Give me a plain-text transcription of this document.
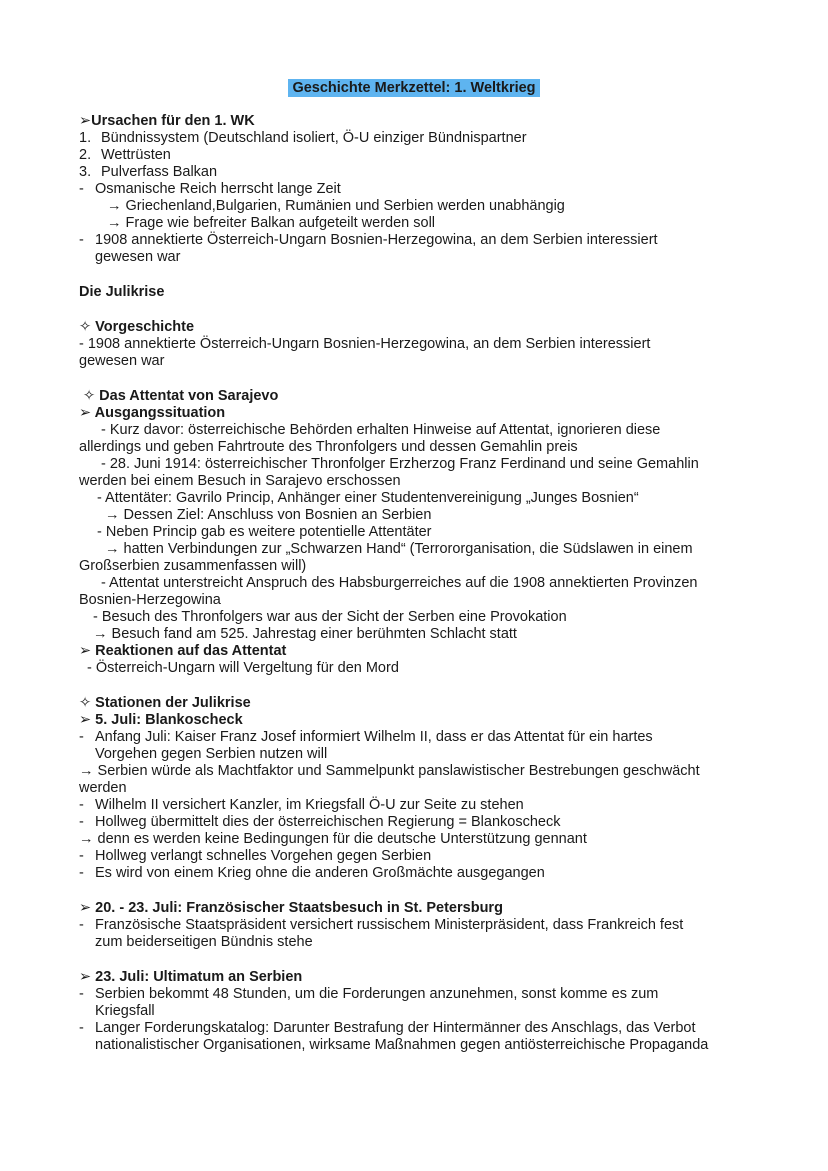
Geschichte Merkzettel: 1. Weltkrieg
➢Ursachen für den 1. WK
1. Bündnissystem (Deutschland isoliert, Ö-U einziger Bündnispartner
2. Wettrüsten
3. Pulverfass Balkan
- Osmanische Reich herrscht lange Zeit
→ Griechenland,Bulgarien, Rumänien und Serbien werden unabhängig
→ Frage wie befreiter Balkan aufgeteilt werden soll
- 1908 annektierte Österreich-Ungarn Bosnien-Herzegowina, an dem Serbien interessiert
gewesen war
Die Julikrise
✧ Vorgeschichte
- 1908 annektierte Österreich-Ungarn Bosnien-Herzegowina, an dem Serbien interessiert
gewesen war
✧ Das Attentat von Sarajevo
➢ Ausgangssituation
- Kurz davor: österreichische Behörden erhalten Hinweise auf Attentat, ignorieren diese
allerdings und geben Fahrtroute des Thronfolgers und dessen Gemahlin preis
- 28. Juni 1914: österreichischer Thronfolger Erzherzog Franz Ferdinand und seine Gemahlin
werden bei einem Besuch in Sarajevo erschossen
- Attentäter: Gavrilo Princip, Anhänger einer Studentenvereinigung „Junges Bosnien“
→ Dessen Ziel: Anschluss von Bosnien an Serbien
- Neben Princip gab es weitere potentielle Attentäter
→ hatten Verbindungen zur „Schwarzen Hand“ (Terrororganisation, die Südslawen in einem
Großserbien zusammenfassen will)
- Attentat unterstreicht Anspruch des Habsburgerreiches auf die 1908 annektierten Provinzen
Bosnien-Herzegowina
- Besuch des Thronfolgers war aus der Sicht der Serben eine Provokation
→ Besuch fand am 525. Jahrestag einer berühmten Schlacht statt
➢ Reaktionen auf das Attentat
- Österreich-Ungarn will Vergeltung für den Mord
✧ Stationen der Julikrise
➢ 5. Juli: Blankoscheck
- Anfang Juli: Kaiser Franz Josef informiert Wilhelm II, dass er das Attentat für ein hartes
Vorgehen gegen Serbien nutzen will
→ Serbien würde als Machtfaktor und Sammelpunkt panslawistischer Bestrebungen geschwächt
werden
- Wilhelm II versichert Kanzler, im Kriegsfall Ö-U zur Seite zu stehen
- Hollweg übermittelt dies der österreichischen Regierung = Blankoscheck
→ denn es werden keine Bedingungen für die deutsche Unterstützung gennant
- Hollweg verlangt schnelles Vorgehen gegen Serbien
- Es wird von einem Krieg ohne die anderen Großmächte ausgegangen
➢ 20. - 23. Juli: Französischer Staatsbesuch in St. Petersburg
- Französische Staatspräsident versichert russischem Ministerpräsident, dass Frankreich fest
zum beiderseitigen Bündnis stehe
➢ 23. Juli: Ultimatum an Serbien
- Serbien bekommt 48 Stunden, um die Forderungen anzunehmen, sonst komme es zum
Kriegsfall
- Langer Forderungskatalog: Darunter Bestrafung der Hintermänner des Anschlags, das Verbot
nationalistischer Organisationen, wirksame Maßnahmen gegen antiösterreichische Propaganda
